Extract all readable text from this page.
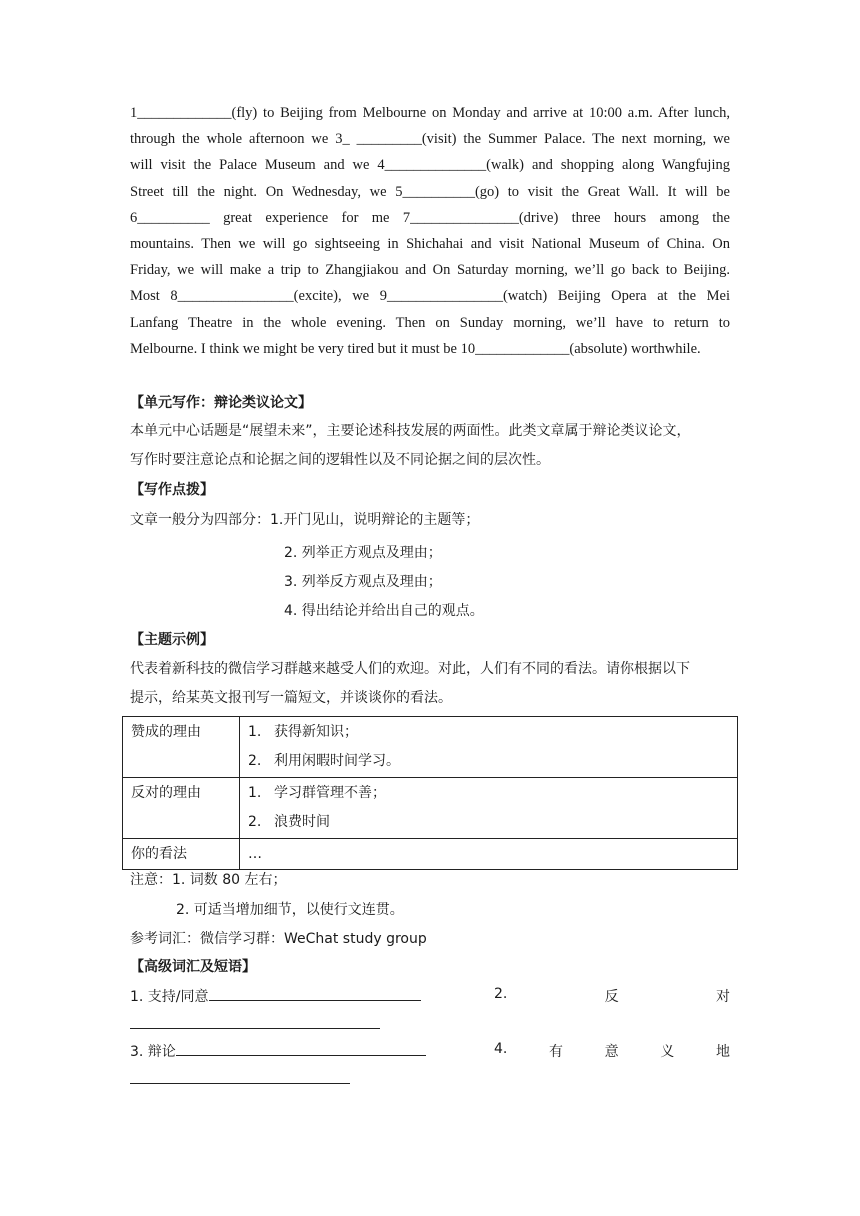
1_____________(fly) to Beijing from Melbourne on Monday and arrive at 10:00 a.m. After lunch,
through the whole afternoon we 3_ _________(visit) the Summer Palace. The next morning, we
will visit the Palace Museum and we 4______________(walk) and shopping along Wangfujing
Street till the night. On Wednesday, we 5__________(go) to visit the Great Wall. It will be
6__________ great experience for me 7_______________(drive) three hours among the
mountains. Then we will go sightseeing in Shichahai and visit National Museum of China. On
Friday, we will make a trip to Zhangjiakou and On Saturday morning, we’ll go back to Beijing.
Most 8________________(excite), we 9________________(watch) Beijing Opera at the Mei
Lanfang Theatre in the whole evening. Then on Sunday morning, we’ll have to return to
Melbourne. I think we might be very tired but it must be 10_____________(absolute) worthwhile.
【单元写作：辩论类议论文】
本单元中心话题是“展望未来”，主要论述科技发展的两面性。此类文章属于辩论类议论文，
写作时要注意论点和论据之间的逻辑性以及不同论据之间的层次性。
【写作点拨】
文章一般分为四部分：1.开门见山，说明辩论的主题等；
2. 列举正方观点及理由；
3. 列举反方观点及理由；
4. 得出结论并给出自己的观点。
【主题示例】
代表着新科技的微信学习群越来越受人们的欢迎。对此，人们有不同的看法。请你根据以下
提示，给某英文报刊写一篇短文，并谈谈你的看法。
赞成的理由	1. 获得新知识；
2. 利用闲暇时间学习。

反对的理由	1. 学习群管理不善；
2. 浪费时间

你的看法	…
注意：1. 词数 80 左右；
2. 可适当增加细节，以使行文连贯。
参考词汇：微信学习群：WeChat study group
【高级词汇及短语】
1. 支持/同意	2.	反	对
3. 辩论	4.	有	意	义	地
